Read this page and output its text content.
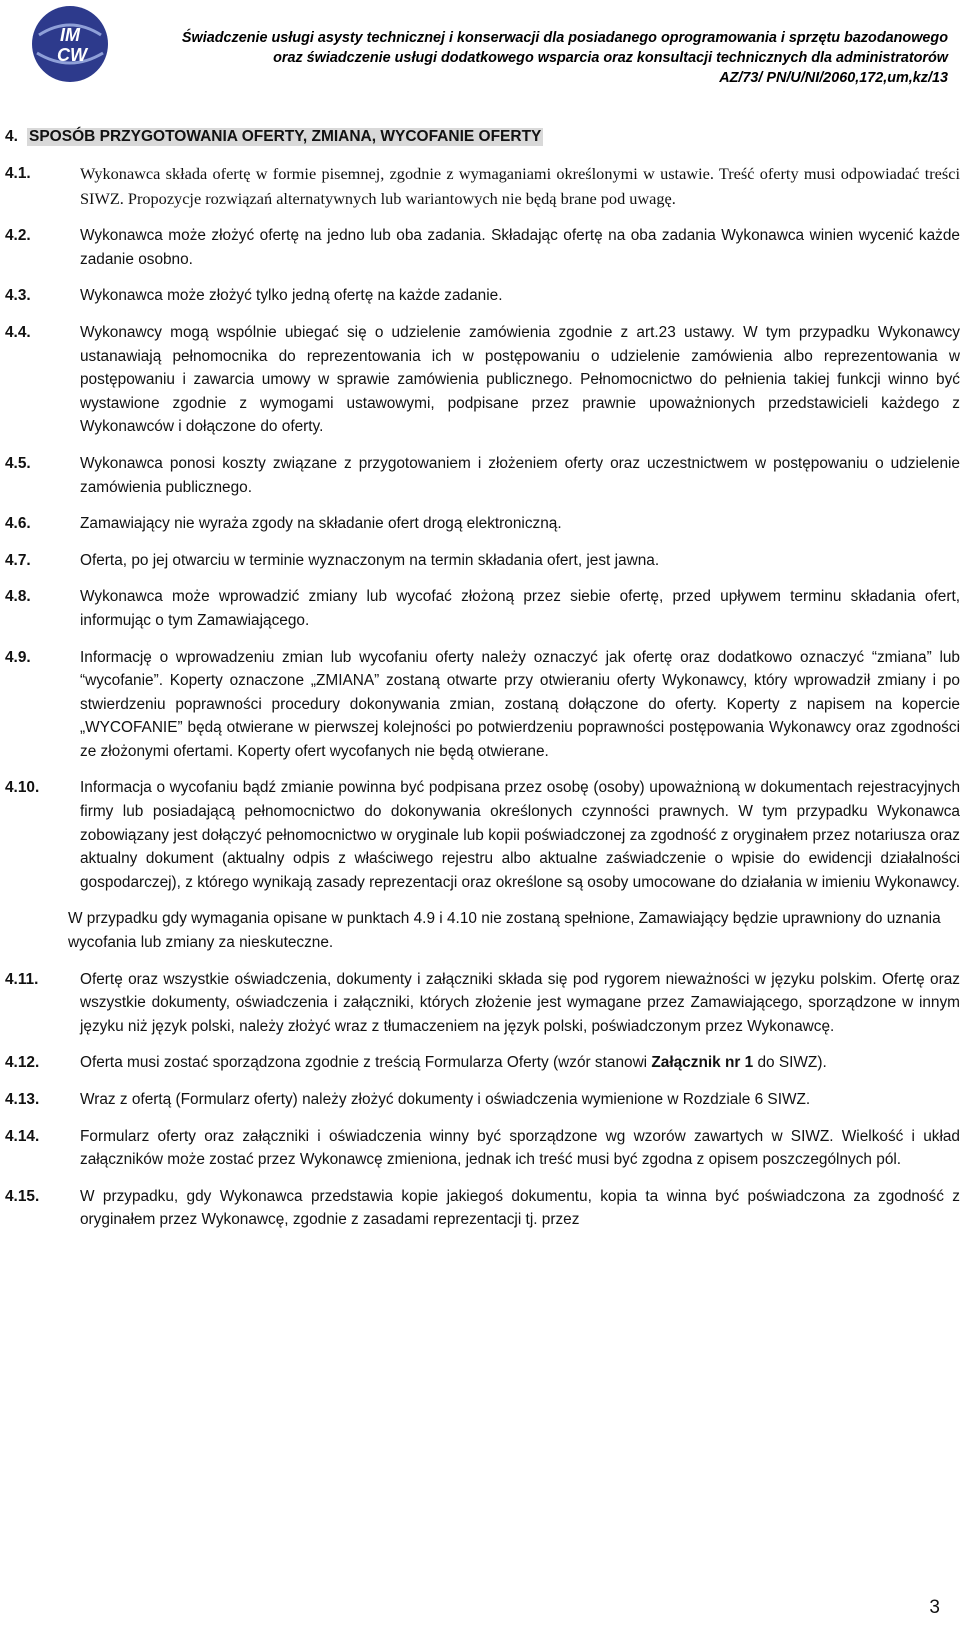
IM
CW
Świadczenie usługi asysty technicznej i konserwacji dla posiadanego oprogramowania i sprzętu bazodanowego
oraz świadczenie usługi dodatkowego wsparcia oraz konsultacji technicznych dla administratorów
AZ/73/ PN/U/NI/2060,172,um,kz/13
4. SPOSÓB PRZYGOTOWANIA OFERTY, ZMIANA, WYCOFANIE OFERTY
4.1.	Wykonawca składa ofertę w formie pisemnej, zgodnie z wymaganiami określonymi w ustawie. Treść oferty musi odpowiadać treści SIWZ. Propozycje rozwiązań alternatywnych lub wariantowych nie będą brane pod uwagę.
4.2.	Wykonawca może złożyć ofertę na jedno lub oba zadania. Składając ofertę na oba zadania Wykonawca winien wycenić każde zadanie osobno.
4.3.	Wykonawca może złożyć tylko jedną ofertę na każde zadanie.
4.4.	Wykonawcy mogą wspólnie ubiegać się o udzielenie zamówienia zgodnie z art.23 ustawy. W tym przypadku Wykonawcy ustanawiają pełnomocnika do reprezentowania ich w postępowaniu o udzielenie zamówienia albo reprezentowania w postępowaniu i zawarcia umowy w sprawie zamówienia publicznego. Pełnomocnictwo do pełnienia takiej funkcji winno być wystawione zgodnie z wymogami ustawowymi, podpisane przez prawnie upoważnionych przedstawicieli każdego z Wykonawców i dołączone do oferty.
4.5.	Wykonawca ponosi koszty związane z przygotowaniem i złożeniem oferty oraz uczestnictwem w postępowaniu o udzielenie zamówienia publicznego.
4.6.	Zamawiający nie wyraża zgody na składanie ofert drogą elektroniczną.
4.7.	Oferta, po jej otwarciu w terminie wyznaczonym na termin składania ofert, jest jawna.
4.8.	Wykonawca może wprowadzić zmiany lub wycofać złożoną przez siebie ofertę, przed upływem terminu składania ofert, informując o tym Zamawiającego.
4.9.	Informację o wprowadzeniu zmian lub wycofaniu oferty należy oznaczyć jak ofertę oraz dodatkowo oznaczyć “zmiana” lub “wycofanie”. Koperty oznaczone „ZMIANA” zostaną otwarte przy otwieraniu oferty Wykonawcy, który wprowadził zmiany i po stwierdzeniu poprawności procedury dokonywania zmian, zostaną dołączone do oferty. Koperty z napisem na kopercie „WYCOFANIE” będą otwierane w pierwszej kolejności po potwierdzeniu poprawności postępowania Wykonawcy oraz zgodności ze złożonymi ofertami. Koperty ofert wycofanych nie będą otwierane.
4.10.	Informacja o wycofaniu bądź zmianie powinna być podpisana przez osobę (osoby) upoważnioną w dokumentach rejestracyjnych firmy lub posiadającą pełnomocnictwo do dokonywania określonych czynności prawnych. W tym przypadku Wykonawca zobowiązany jest dołączyć pełnomocnictwo w oryginale lub kopii poświadczonej za zgodność z oryginałem przez notariusza oraz aktualny dokument (aktualny odpis z właściwego rejestru albo aktualne zaświadczenie o wpisie do ewidencji działalności gospodarczej), z którego wynikają zasady reprezentacji oraz określone są osoby umocowane do działania w imieniu Wykonawcy.
W przypadku gdy wymagania opisane w punktach 4.9 i 4.10 nie zostaną spełnione, Zamawiający będzie uprawniony do uznania wycofania lub zmiany za nieskuteczne.
4.11.	Ofertę oraz wszystkie oświadczenia, dokumenty i załączniki składa się pod rygorem nieważności w języku polskim. Ofertę oraz wszystkie dokumenty, oświadczenia i załączniki, których złożenie jest wymagane przez Zamawiającego, sporządzone w innym języku niż język polski, należy złożyć wraz z tłumaczeniem na język polski, poświadczonym przez Wykonawcę.
4.12.	Oferta musi zostać sporządzona zgodnie z treścią Formularza Oferty (wzór stanowi Załącznik nr 1 do SIWZ).
4.13.	Wraz z ofertą (Formularz oferty) należy złożyć dokumenty i oświadczenia wymienione w Rozdziale 6 SIWZ.
4.14.	Formularz oferty oraz załączniki i oświadczenia winny być sporządzone wg wzorów zawartych w SIWZ. Wielkość i układ załączników może zostać przez Wykonawcę zmieniona, jednak ich treść musi być zgodna z opisem poszczególnych pól.
4.15.	W przypadku, gdy Wykonawca przedstawia kopie jakiegoś dokumentu, kopia ta winna być poświadczona za zgodność z oryginałem przez Wykonawcę, zgodnie z zasadami reprezentacji tj. przez
3
